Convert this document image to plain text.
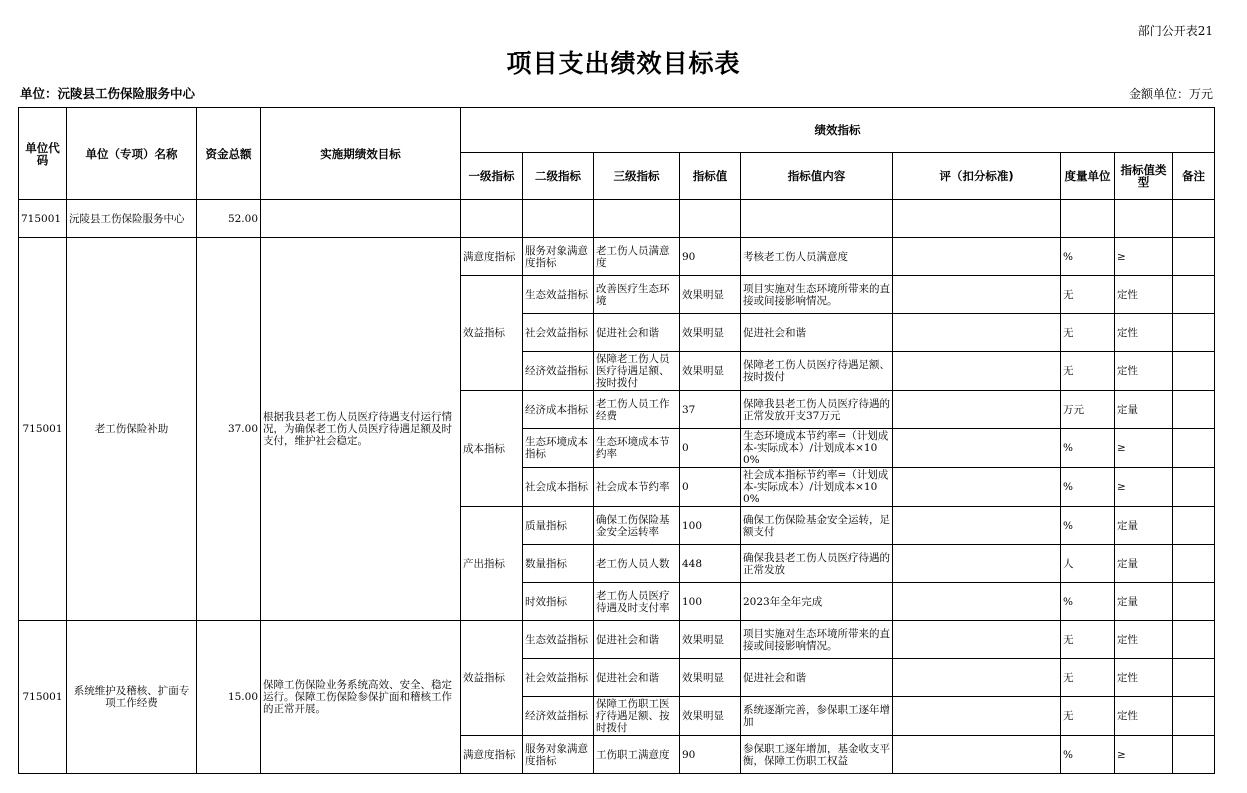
部门公开表21
项目支出绩效目标表
单位：沅陵县工伤保险服务中心	金额单位：万元
单位代码	单位（专项）名称	资金总额	实施期绩效目标	绩效指标								
				一级指标	二级指标	三级指标	指标值	指标值内容	评（扣分标准)	度量单位	指标值类型	备注
715001	沅陵县工伤保险服务中心	52.00										
715001	老工伤保险补助	37.00	根据我县老工伤人员医疗待遇支付运行情况，为确保老工伤人员医疗待遇足额及时支付，维护社会稳定。	满意度指标	服务对象满意度指标	老工伤人员满意度	90	考核老工伤人员满意度		%	≥	
				效益指标	生态效益指标	改善医疗生态环境	效果明显	项目实施对生态环境所带来的直接或间接影响情况。		无	定性	
					社会效益指标	促进社会和谐	效果明显	促进社会和谐		无	定性	
					经济效益指标	保障老工伤人员医疗待遇足额、按时拨付	效果明显	保障老工伤人员医疗待遇足额、按时拨付		无	定性	
				成本指标	经济成本指标	老工伤人员工作经费	37	保障我县老工伤人员医疗待遇的正常发放开支37万元		万元	定量	
					生态环境成本指标	生态环境成本节约率	0	生态环境成本节约率=（计划成本-实际成本）/计划成本×100%		%	≥	
					社会成本指标	社会成本节约率	0	社会成本指标节约率=（计划成本-实际成本）/计划成本×100%		%	≥	
				产出指标	质量指标	确保工伤保险基金安全运转率	100	确保工伤保险基金安全运转，足额支付		%	定量	
					数量指标	老工伤人员人数	448	确保我县老工伤人员医疗待遇的正常发放		人	定量	
					时效指标	老工伤人员医疗待遇及时支付率	100	2023年全年完成		%	定量	
715001	系统维护及稽核、扩面专项工作经费	15.00	保障工伤保险业务系统高效、安全、稳定运行。保障工伤保险参保扩面和稽核工作的正常开展。	效益指标	生态效益指标	促进社会和谐	效果明显	项目实施对生态环境所带来的直接或间接影响情况。		无	定性	
					社会效益指标	促进社会和谐	效果明显	促进社会和谐		无	定性	
					经济效益指标	保障工伤职工医疗待遇足额、按时拨付	效果明显	系统逐渐完善，参保职工逐年增加		无	定性	
				满意度指标	服务对象满意度指标	工伤职工满意度	90	参保职工逐年增加，基金收支平衡，保障工伤职工权益		%	≥	
